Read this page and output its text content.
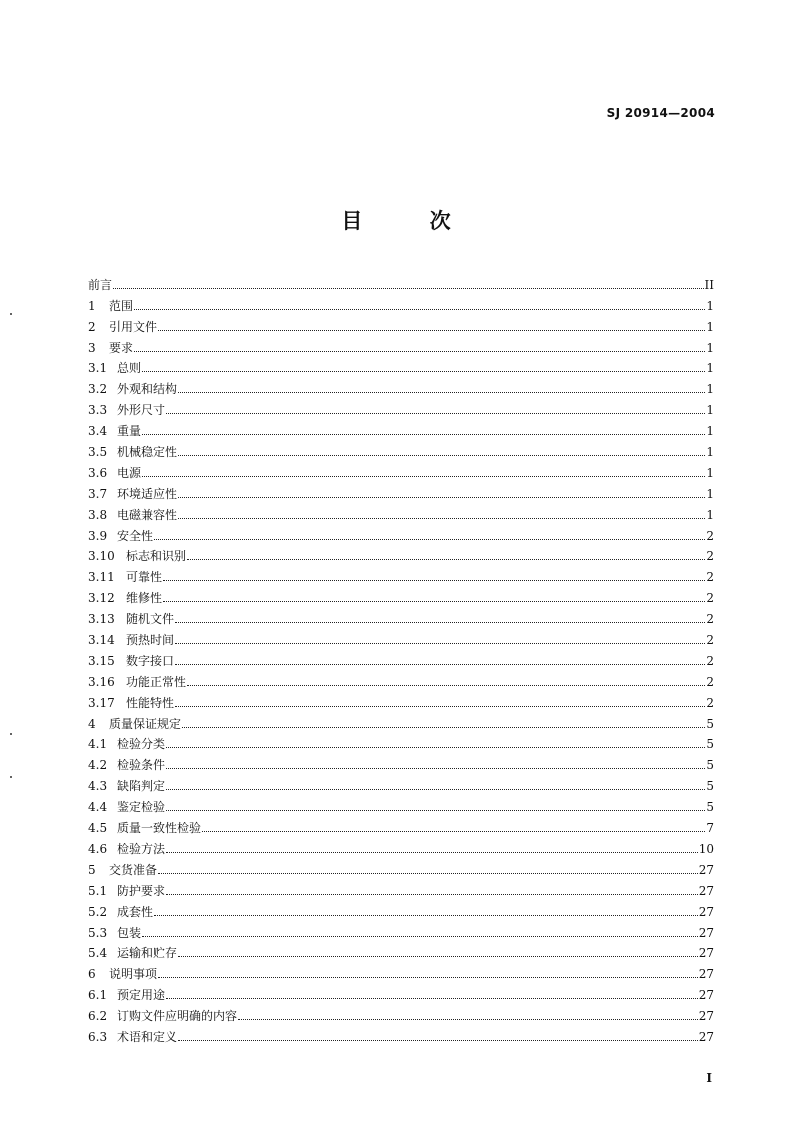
SJ 20914—2004
目	次
前言	II
1	范围	1
2	引用文件	1
3	要求	1
3.1 总则	1
3.2 外观和结构	1
3.3 外形尺寸	1
3.4 重量	1
3.5 机械稳定性	1
3.6 电源	1
3.7 环境适应性	1
3.8 电磁兼容性	1
3.9 安全性	2
3.10 标志和识别	2
3.11 可靠性	2
3.12 维修性	2
3.13 随机文件	2
3.14 预热时间	2
3.15 数字接口	2
3.16 功能正常性	2
3.17 性能特性	2
4	质量保证规定	5
4.1 检验分类	5
4.2 检验条件	5
4.3 缺陷判定	5
4.4 鉴定检验	5
4.5 质量一致性检验	7
4.6 检验方法	10
5	交货准备	27
5.1 防护要求	27
5.2 成套性	27
5.3 包装	27
5.4 运输和贮存	27
6	说明事项	27
6.1 预定用途	27
6.2 订购文件应明确的内容	27
6.3 术语和定义	27
I
